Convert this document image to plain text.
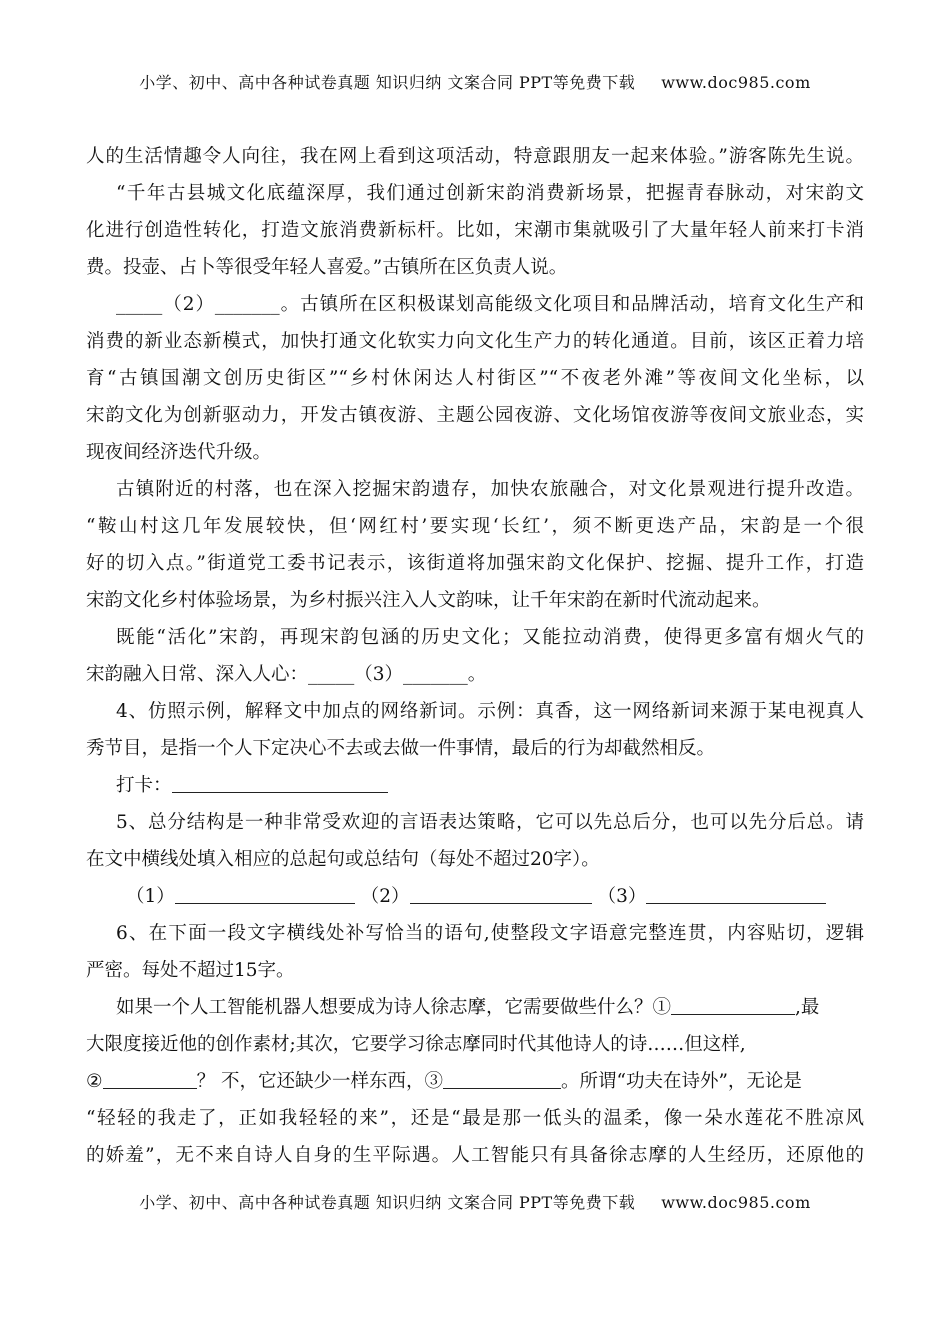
小学、初中、高中各种试卷真题 知识归纳 文案合同 PPT等免费下载 www.doc985.com
人的生活情趣令人向往，我在网上看到这项活动，特意跟朋友一起来体验。”游客陈先生说。
“千年古县城文化底蕴深厚，我们通过创新宋韵消费新场景，把握青春脉动，对宋韵文
化进行创造性转化，打造文旅消费新标杆。比如，宋潮市集就吸引了大量年轻人前来打卡消
费。投壶、占卜等很受年轻人喜爱。”古镇所在区负责人说。
_____（2）_______。古镇所在区积极谋划高能级文化项目和品牌活动，培育文化生产和
消费的新业态新模式，加快打通文化软实力向文化生产力的转化通道。目前，该区正着力培
育“古镇国潮文创历史街区”“乡村休闲达人村街区”“不夜老外滩”等夜间文化坐标，以
宋韵文化为创新驱动力，开发古镇夜游、主题公园夜游、文化场馆夜游等夜间文旅业态，实
现夜间经济迭代升级。
古镇附近的村落，也在深入挖掘宋韵遗存，加快农旅融合，对文化景观进行提升改造。
“鞍山村这几年发展较快，但‘网红村’要实现‘长红’，须不断更迭产品，宋韵是一个很
好的切入点。”街道党工委书记表示，该街道将加强宋韵文化保护、挖掘、提升工作，打造
宋韵文化乡村体验场景，为乡村振兴注入人文韵味，让千年宋韵在新时代流动起来。
既能“活化”宋韵，再现宋韵包涵的历史文化；又能拉动消费，使得更多富有烟火气的
宋韵融入日常、深入人心：_____（3）_______。
4、仿照示例，解释文中加点的网络新词。示例：真香，这一网络新词来源于某电视真人
秀节目，是指一个人下定决心不去或去做一件事情，最后的行为却截然相反。
打卡：
5、总分结构是一种非常受欢迎的言语表达策略，它可以先总后分，也可以先分后总。请
在文中横线处填入相应的总起句或总结句（每处不超过20字）。
（1）	（2）	（3）
6、在下面一段文字横线处补写恰当的语句,使整段文字语意完整连贯，内容贴切，逻辑
严密。每处不超过15字。
如果一个人工智能机器人想要成为诗人徐志摩，它需要做些什么？①	,最
大限度接近他的创作素材;其次，它要学习徐志摩同时代其他诗人的诗……但这样,
②	？ 不，它还缺少一样东西，③	。所谓“功夫在诗外”，无论是
“轻轻的我走了，正如我轻轻的来”，还是“最是那一低头的温柔，像一朵水莲花不胜凉风
的娇羞”，无不来自诗人自身的生平际遇。人工智能只有具备徐志摩的人生经历，还原他的
小学、初中、高中各种试卷真题 知识归纳 文案合同 PPT等免费下载 www.doc985.com
